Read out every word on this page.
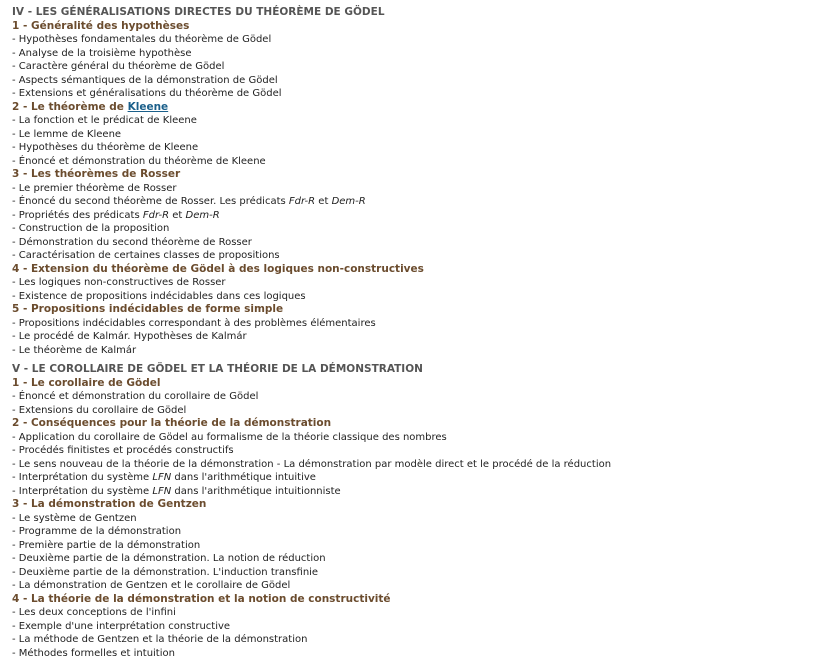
IV - LES GÉNÉRALISATIONS DIRECTES DU THÉORÈME DE GÖDEL
1 - Généralité des hypothèses
- Hypothèses fondamentales du théorème de Gödel
- Analyse de la troisième hypothèse
- Caractère général du théorème de Gödel
- Aspects sémantiques de la démonstration de Gödel
- Extensions et généralisations du théorème de Gödel
2 - Le théorème de Kleene
- La fonction et le prédicat de Kleene
- Le lemme de Kleene
- Hypothèses du théorème de Kleene
- Énoncé et démonstration du théorème de Kleene
3 - Les théorèmes de Rosser
- Le premier théorème de Rosser
- Énoncé du second théorème de Rosser. Les prédicats Fdr-R et Dem-R
- Propriétés des prédicats Fdr-R et Dem-R
- Construction de la proposition
- Démonstration du second théorème de Rosser
- Caractérisation de certaines classes de propositions
4 - Extension du théorème de Gödel à des logiques non-constructives
- Les logiques non-constructives de Rosser
- Existence de propositions indécidables dans ces logiques
5 - Propositions indécidables de forme simple
- Propositions indécidables correspondant à des problèmes élémentaires
- Le procédé de Kalmár. Hypothèses de Kalmár
- Le théorème de Kalmár
V - LE COROLLAIRE DE GÖDEL ET LA THÉORIE DE LA DÉMONSTRATION
1 - Le corollaire de Gödel
- Énoncé et démonstration du corollaire de Gödel
- Extensions du corollaire de Gödel
2 - Conséquences pour la théorie de la démonstration
- Application du corollaire de Gödel au formalisme de la théorie classique des nombres
- Procédés finitistes et procédés constructifs
- Le sens nouveau de la théorie de la démonstration - La démonstration par modèle direct et le procédé de la réduction
- Interprétation du système LFN dans l'arithmétique intuitive
- Interprétation du système LFN dans l'arithmétique intuitionniste
3 - La démonstration de Gentzen
- Le système de Gentzen
- Programme de la démonstration
- Première partie de la démonstration
- Deuxième partie de la démonstration. La notion de réduction
- Deuxième partie de la démonstration. L'induction transfinie
- La démonstration de Gentzen et le corollaire de Gödel
4 - La théorie de la démonstration et la notion de constructivité
- Les deux conceptions de l'infini
- Exemple d'une interprétation constructive
- La méthode de Gentzen et la théorie de la démonstration
- Méthodes formelles et intuition
